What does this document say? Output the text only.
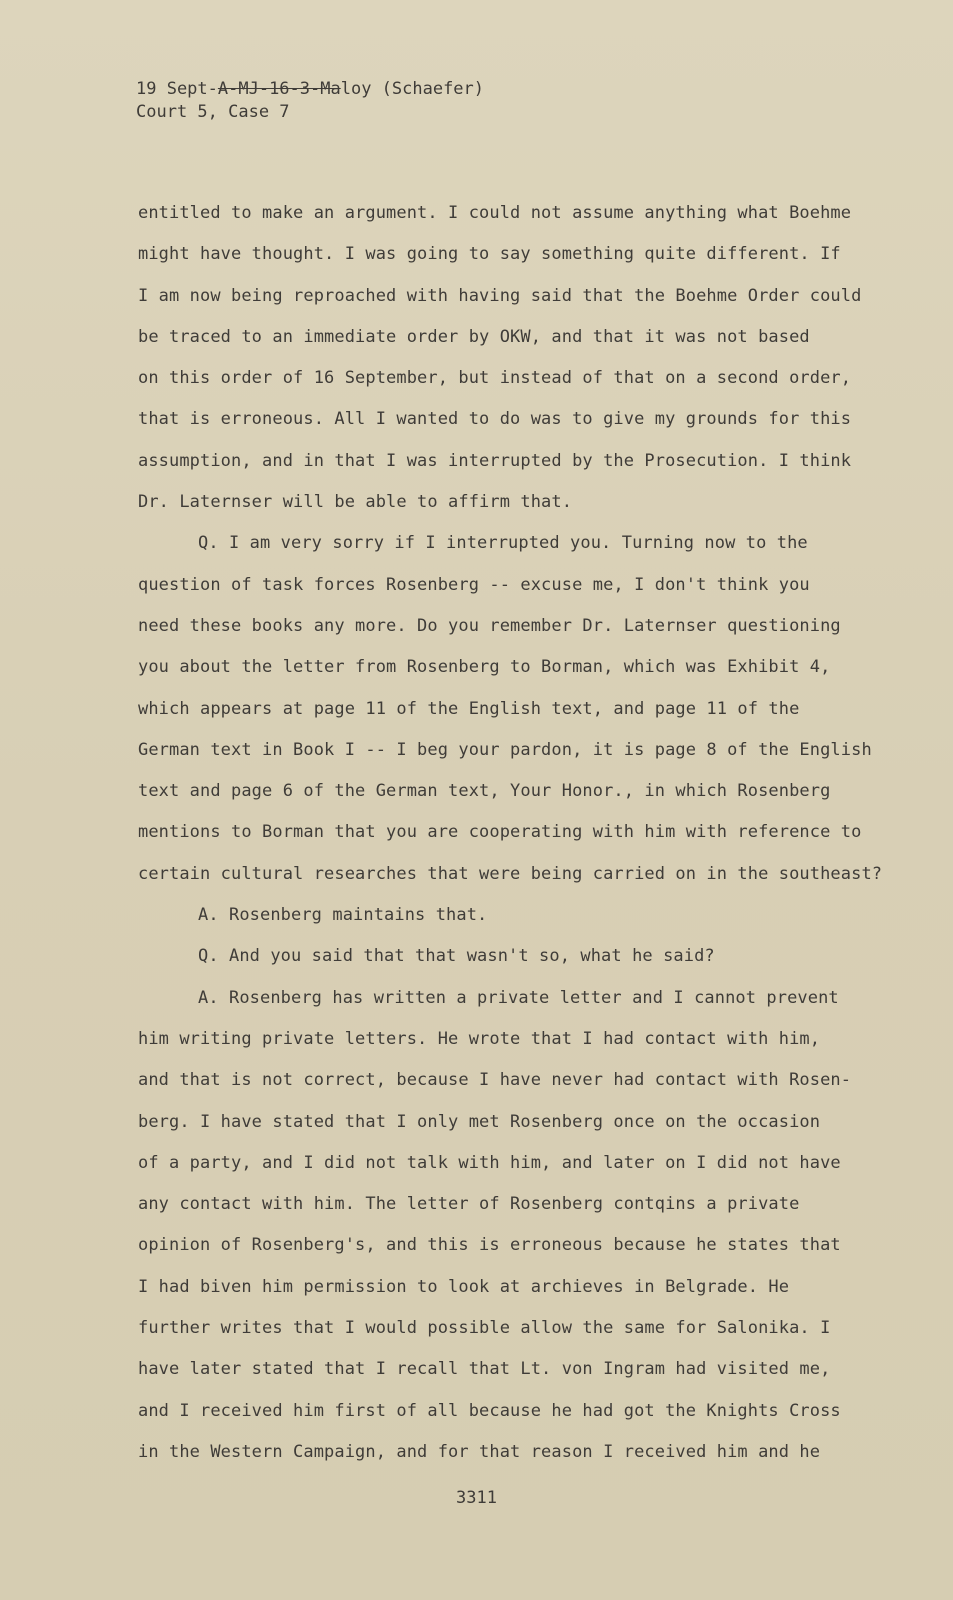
19 Sept-A-MJ-16-3-Maloy (Schaefer)
Court 5, Case 7
entitled to make an argument. I could not assume anything what Boehme
might have thought. I was going to say something quite different. If
I am now being reproached with having said that the Boehme Order could
be traced to an immediate order by OKW, and that it was not based
on this order of 16 September, but instead of that on a second order,
that is erroneous. All I wanted to do was to give my grounds for this
assumption, and in that I was interrupted by the Prosecution. I think
Dr. Laternser will be able to affirm that.
Q. I am very sorry if I interrupted you. Turning now to the
question of task forces Rosenberg -- excuse me, I don't think you
need these books any more. Do you remember Dr. Laternser questioning
you about the letter from Rosenberg to Borman, which was Exhibit 4,
which appears at page 11 of the English text, and page 11 of the
German text in Book I -- I beg your pardon, it is page 8 of the English
text and page 6 of the German text, Your Honor., in which Rosenberg
mentions to Borman that you are cooperating with him with reference to
certain cultural researches that were being carried on in the southeast?
A. Rosenberg maintains that.
Q. And you said that that wasn't so, what he said?
A. Rosenberg has written a private letter and I cannot prevent
him writing private letters. He wrote that I had contact with him,
and that is not correct, because I have never had contact with Rosen-
berg. I have stated that I only met Rosenberg once on the occasion
of a party, and I did not talk with him, and later on I did not have
any contact with him. The letter of Rosenberg contqins a private
opinion of Rosenberg's, and this is erroneous because he states that
I had biven him permission to look at archieves in Belgrade. He
further writes that I would possible allow the same for Salonika. I
have later stated that I recall that Lt. von Ingram had visited me,
and I received him first of all because he had got the Knights Cross
in the Western Campaign, and for that reason I received him and he
3311
